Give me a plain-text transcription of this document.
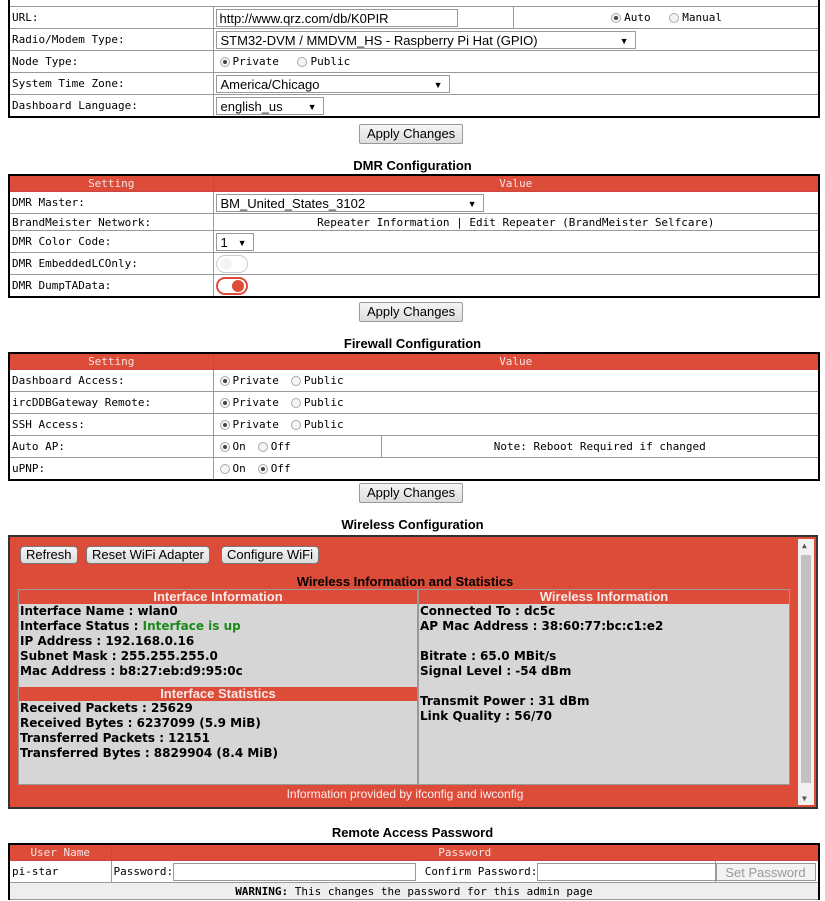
URL:	http://www.qrz.com/db/K0PIR	Auto Manual
Radio/Modem Type:	STM32-DVM / MMDVM_HS - Raspberry Pi Hat (GPIO) ▼	

Node Type:	Private Public	
System Time Zone:	America/Chicago ▼	

Dashboard Language:	english_us ▼	
Apply Changes
DMR Configuration
Setting	Value
DMR Master:	BM_United_States_3102 ▼

BrandMeister Network:	Repeater Information | Edit Repeater (BrandMeister Selfcare)
DMR Color Code:	1 ▼

DMR EmbeddedLCOnly:	

DMR DumpTAData:	
Apply Changes
Firewall Configuration
Setting	Value	
Dashboard Access:	Private Public	
ircDDBGateway Remote:	Private Public	
SSH Access:	Private Public	
Auto AP:	On Off	Note: Reboot Required if changed
uPNP:	On Off	
Apply Changes
Wireless Configuration
Refresh	Reset WiFi Adapter	Configure WiFi
Wireless Information and Statistics
Interface Information
Interface Name : wlan0
Interface Status : Interface is up
IP Address : 192.168.0.16
Subnet Mask : 255.255.255.0
Mac Address : b8:27:eb:d9:95:0c
Interface Statistics
Received Packets : 25629
Received Bytes : 6237099 (5.9 MiB)
Transferred Packets : 12151
Transferred Bytes : 8829904 (8.4 MiB)
Wireless Information
Connected To : dc5c
AP Mac Address : 38:60:77:bc:c1:e2
Bitrate : 65.0 MBit/s
Signal Level : -54 dBm
Transmit Power : 31 dBm
Link Quality : 56/70
Information provided by ifconfig and iwconfig
▲
▼
Remote Access Password
User Name	Password	
pi-star	Password: Confirm Password:	Set Password
WARNING: This changes the password for this admin page		
